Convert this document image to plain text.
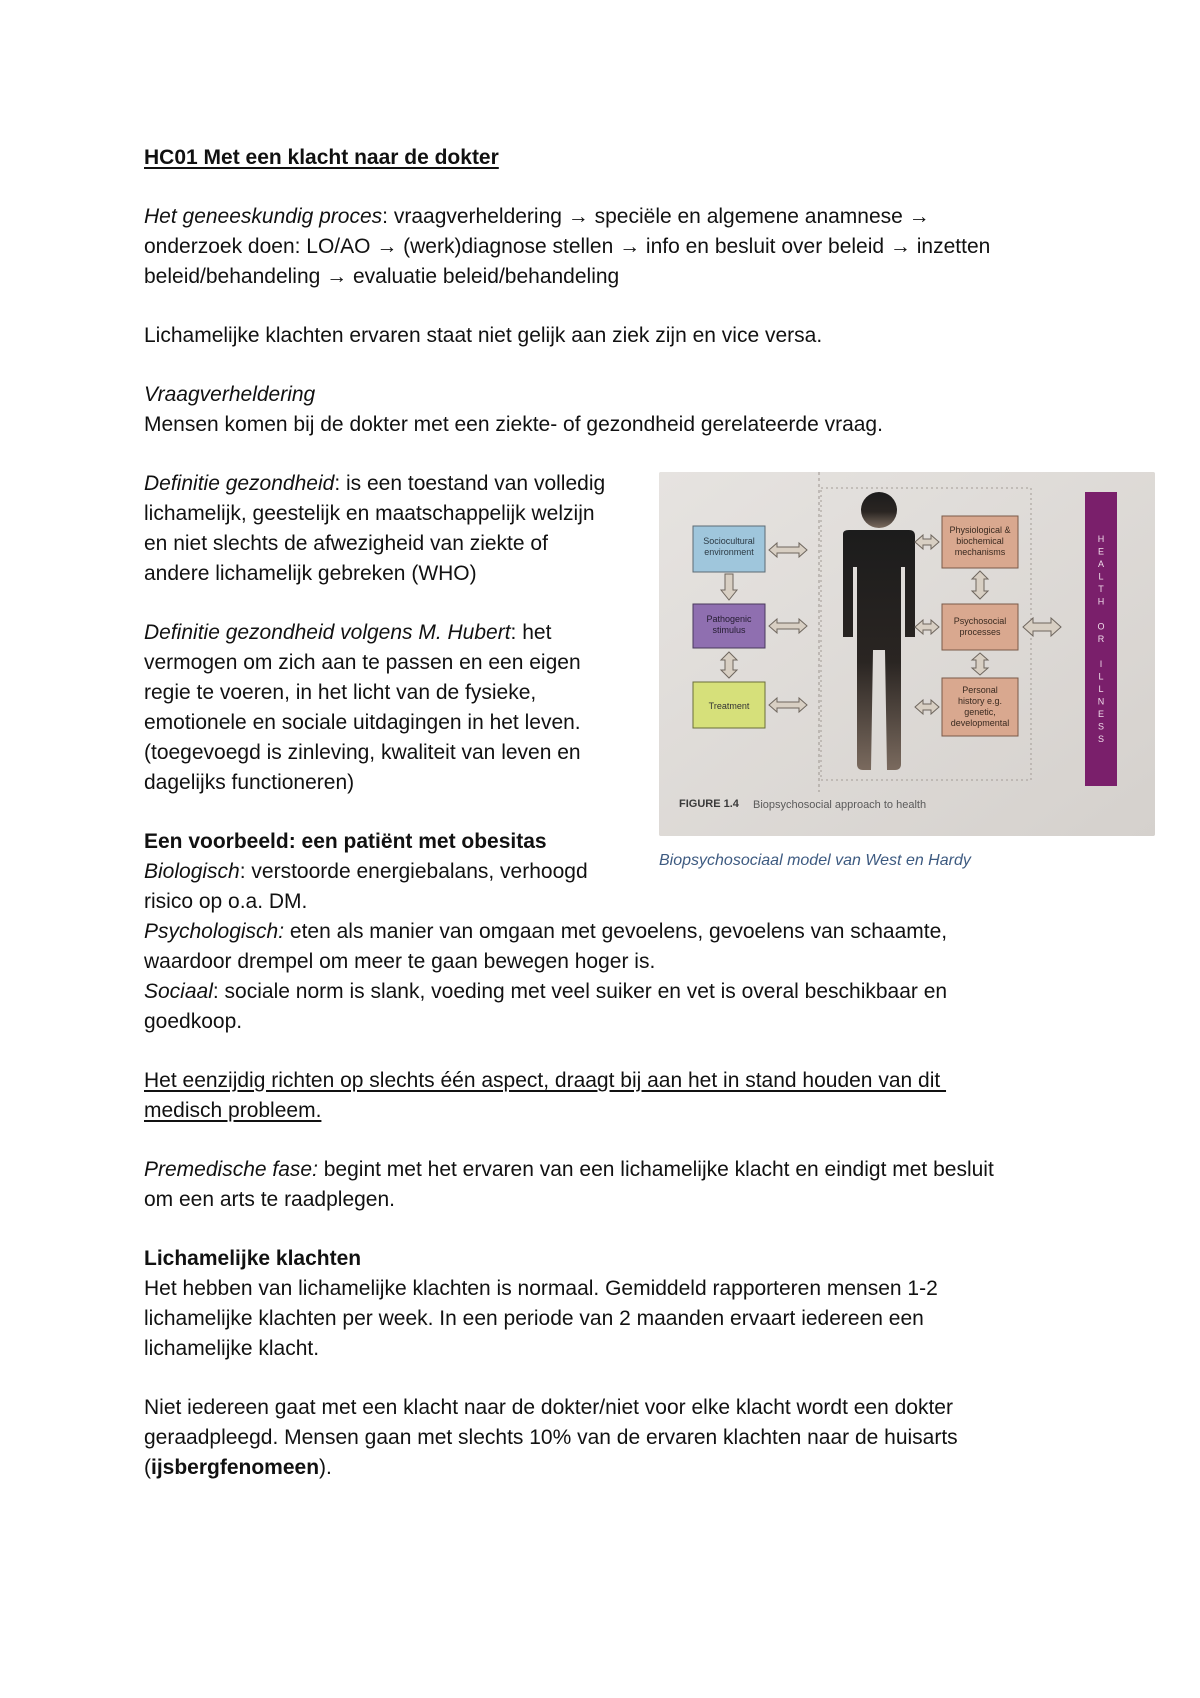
HC01 Met een klacht naar de dokter
Het geneeskundig proces: vraagverheldering → speciële en algemene anamnese →
onderzoek doen: LO/AO → (werk)diagnose stellen → info en besluit over beleid → inzetten
beleid/behandeling → evaluatie beleid/behandeling
Lichamelijke klachten ervaren staat niet gelijk aan ziek zijn en vice versa.
Vraagverheldering
Mensen komen bij de dokter met een ziekte- of gezondheid gerelateerde vraag.
Definitie gezondheid: is een toestand van volledig
lichamelijk, geestelijk en maatschappelijk welzijn
en niet slechts de afwezigheid van ziekte of
andere lichamelijk gebreken (WHO)
Definitie gezondheid volgens M. Hubert: het
vermogen om zich aan te passen en een eigen
regie te voeren, in het licht van de fysieke,
emotionele en sociale uitdagingen in het leven.
(toegevoegd is zinleving, kwaliteit van leven en
dagelijks functioneren)
Een voorbeeld: een patiënt met obesitas
Biologisch: verstoorde energiebalans, verhoogd
risico op o.a. DM.
Psychologisch: eten als manier van omgaan met gevoelens, gevoelens van schaamte,
waardoor drempel om meer te gaan bewegen hoger is.
Sociaal: sociale norm is slank, voeding met veel suiker en vet is overal beschikbaar en
goedkoop.
Het eenzijdig richten op slechts één aspect, draagt bij aan het in stand houden van dit
medisch probleem.
Premedische fase: begint met het ervaren van een lichamelijke klacht en eindigt met besluit
om een arts te raadplegen.
Lichamelijke klachten
Het hebben van lichamelijke klachten is normaal. Gemiddeld rapporteren mensen 1-2
lichamelijke klachten per week. In een periode van 2 maanden ervaart iedereen een
lichamelijke klacht.
Niet iedereen gaat met een klacht naar de dokter/niet voor elke klacht wordt een dokter
geraadpleegd. Mensen gaan met slechts 10% van de ervaren klachten naar de huisarts
(ijsbergfenomeen).
Sociocultural
environment
Pathogenic
stimulus
Treatment
Physiological &
biochemical
mechanisms
Psychosocial
processes
Personal
history e.g.
genetic,
developmental
H
E
A
L
T
H
O
R
I
L
L
N
E
S
S
FIGURE 1.4 Biopsychosocial approach to health
Biopsychosociaal model van West en Hardy
